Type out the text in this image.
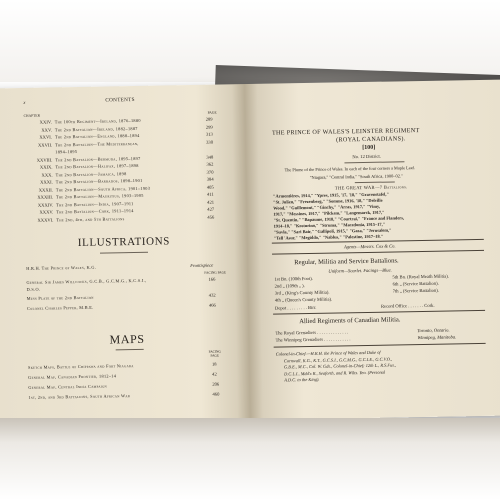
x	CONTENTS
CHAPTER
PAGE
XXIV. The 100th Regiment—Ireland, 1876–1880	289
XXV. The 2nd Battalion—Ireland, 1882–1887	299
XXVI. The 2nd Battalion—England, 1888–1894	313
XXVII. The 2nd Battalion—The Mediterranean,	330
1894–1895
XXVIII. The 2nd Battalion—Bermuda, 1895–1897	348
XXIX. The 2nd Battalion—Halifax, 1897–1898	362
XXX. The 2nd Battalion—Jamaica, 1898	370
XXXI. The 2nd Battalion—Barbados, 1898–1901	384
XXXII. The 2nd Battalion—South Africa, 1901–1903	405
XXXIII. The 2nd Battalion—Mauritius, 1903–1905	411
XXXIV. The 2nd Battalion—India, 1907–1911	421
XXXV. The 2nd Battalion—Cork, 1911–1914	427
XXXVI. The 2nd, 4th, and 5th Battalions	456
ILLUSTRATIONS
H.R.H. The Prince of Wales, K.G.	Frontispiece
FACING PAGE
General Sir James Willcocks, G.C.B., G.C.M.G., K.C.S.I.,	166
D.S.O.
Mess Plate of the 2nd Battalion	432
Colonel Charles Pepper, M.B.E.	466
MAPS
FACING PAGE
Sketch Maps, Battle of Chippawa and Fort Niagara	18
General Map, Canadian Frontier, 1812–14	42
General Map, Central India Campaign	206
1st, 2nd, and 3rd Battalions, South African War	460
THE PRINCE OF WALES'S LEINSTER REGIMENT
(ROYAL CANADIANS).
[100]
No. 12 District.
The Plume of the Prince of Wales. In each of the four corners a Maple Leaf.
"Niagara," "Central India," "South Africa, 1900–02."
THE GREAT WAR—7 Battalions.
"Armentières, 1914," "Ypres, 1915, '17, '18," "Gravenstafel,"
"St. Julien," "Frezenberg," "Somme, 1916, '18," "Delville
Wood," "Guillemont," "Ginchy," "Arras, 1917," "Vimy,
1917," "Messines, 1917," "Pilckem," "Langemarck, 1917,"
"St. Quentin," "Bapaume, 1918," "Courtrai," "France and Flanders,
1914–18," "Kosturino," "Struma," "Macedonia, 1915–17,"
"Suvla," "Sari Bair," "Gallipoli, 1915," "Gaza," "Jerusalem,"
"Tell 'Asur," "Megiddo," "Nablus," "Palestine, 1917–18."
Agents—Messrs. Cox & Co.
Regular, Militia and Service Battalions.
Uniform—Scarlet. Facings—Blue.
1st Bn. (100th Foot).	5th Bn. (Royal Meath Militia).
2nd „ (109th „ ).	6th „ (Service Battalion).
3rd „ (King's County Militia).	7th „ (Service Battalion).
4th „ (Queen's County Militia).
Depot . . . . . . . . . Birr.	Record Office . . . . . . . Cork.
Allied Regiments of Canadian Militia.
The Royal Grenadiers . . . . . . . . . . . . . .	Toronto, Ontario.
The Winnipeg Grenadiers . . . . . . . . . . . .	Winnipeg, Manitoba.
Colonel-in-Chief.—H.R.H. the Prince of Wales and Duke of
Cornwall, K.G., K.T., G.C.S.I., G.C.M.G., G.C.I.E., G.C.V.O.,
G.B.E., M.C., Col. W. Gds., Colonel-in-Chief; 12th L., R.S.Fus.,
D.C.L.I., Mdd'x R., Seaforth, and R. Wilts. Yeo. (Personal
A.D.C. to the King).
